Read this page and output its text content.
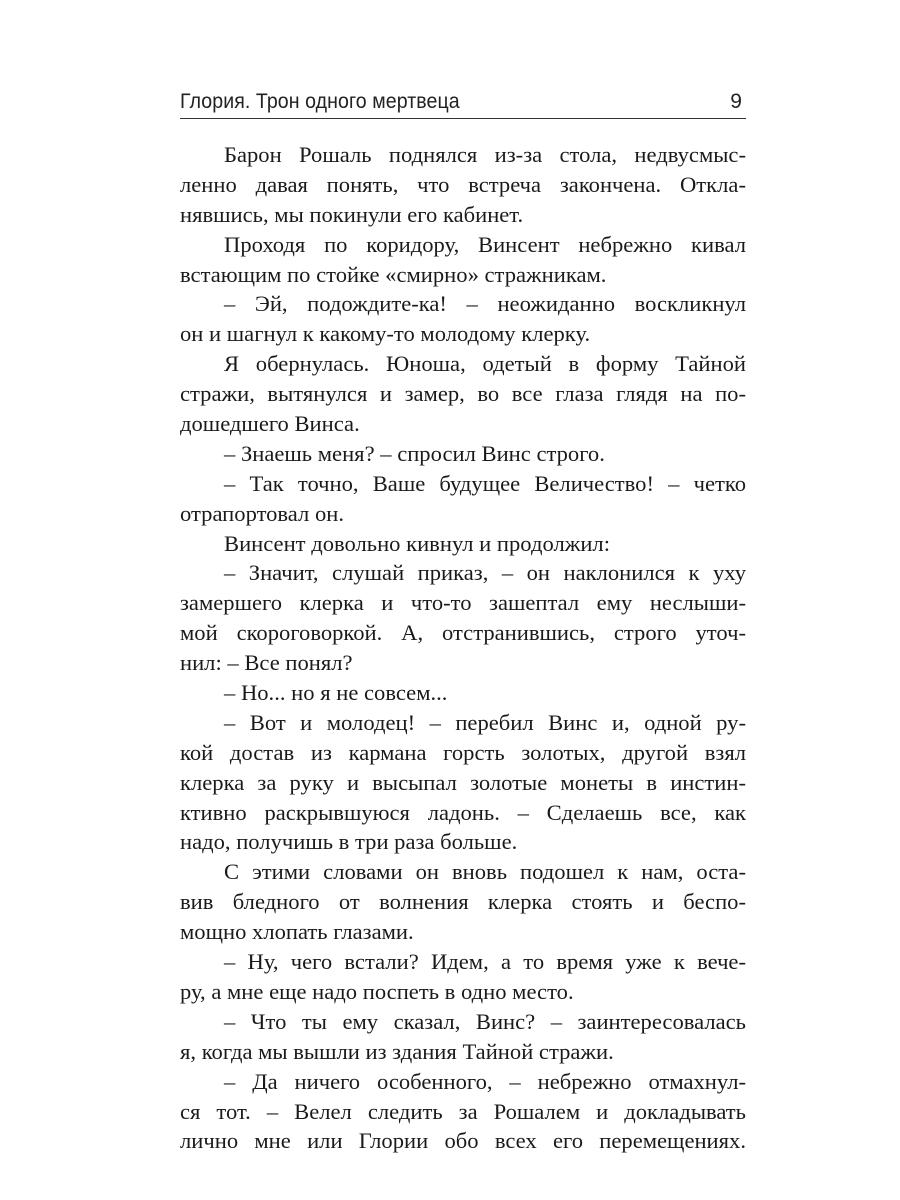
Глория. Трон одного мертвеца	9
Барон Рошаль поднялся из-за стола, недвусмыс-
ленно давая понять, что встреча закончена. Откла-
нявшись, мы покинули его кабинет.
Проходя по коридору, Винсент небрежно кивал
встающим по стойке «смирно» стражникам.
– Эй, подождите-ка! – неожиданно воскликнул
он и шагнул к какому-то молодому клерку.
Я обернулась. Юноша, одетый в форму Тайной
стражи, вытянулся и замер, во все глаза глядя на по-
дошедшего Винса.
– Знаешь меня? – спросил Винс строго.
– Так точно, Ваше будущее Величество! – четко
отрапортовал он.
Винсент довольно кивнул и продолжил:
– Значит, слушай приказ, – он наклонился к уху
замершего клерка и что-то зашептал ему неслыши-
мой скороговоркой. А, отстранившись, строго уточ-
нил: – Все понял?
– Но... но я не совсем...
– Вот и молодец! – перебил Винс и, одной ру-
кой достав из кармана горсть золотых, другой взял
клерка за руку и высыпал золотые монеты в инстин-
ктивно раскрывшуюся ладонь. – Сделаешь все, как
надо, получишь в три раза больше.
С этими словами он вновь подошел к нам, оста-
вив бледного от волнения клерка стоять и беспо-
мощно хлопать глазами.
– Ну, чего встали? Идем, а то время уже к вече-
ру, а мне еще надо поспеть в одно место.
– Что ты ему сказал, Винс? – заинтересовалась
я, когда мы вышли из здания Тайной стражи.
– Да ничего особенного, – небрежно отмахнул-
ся тот. – Велел следить за Рошалем и докладывать
лично мне или Глории обо всех его перемещениях.
